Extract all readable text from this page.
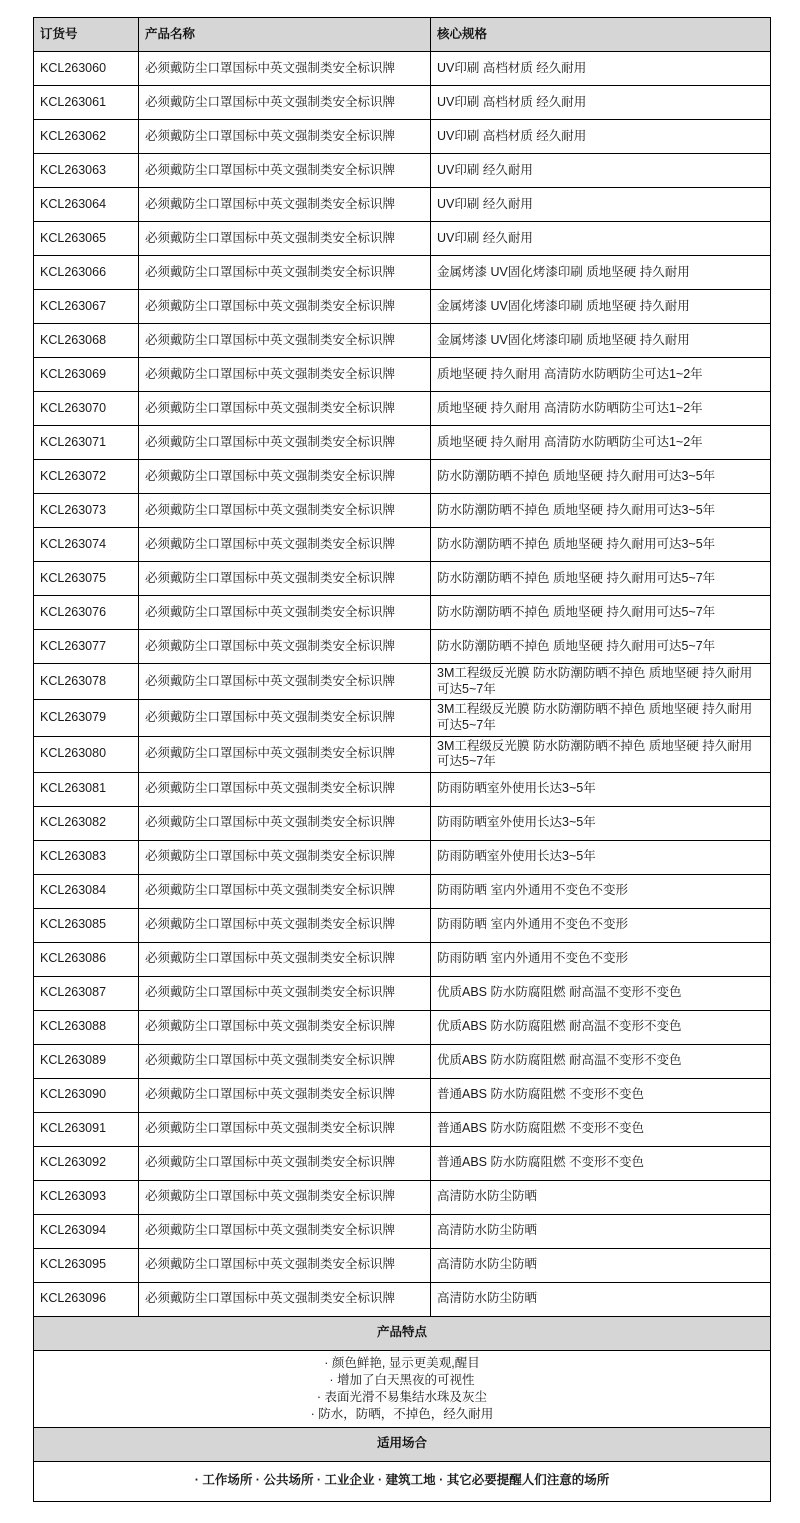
订货号	产品名称	核心规格
KCL263060	必须戴防尘口罩国标中英文强制类安全标识牌	UV印刷 高档材质 经久耐用
KCL263061	必须戴防尘口罩国标中英文强制类安全标识牌	UV印刷 高档材质 经久耐用
KCL263062	必须戴防尘口罩国标中英文强制类安全标识牌	UV印刷 高档材质 经久耐用
KCL263063	必须戴防尘口罩国标中英文强制类安全标识牌	UV印刷 经久耐用
KCL263064	必须戴防尘口罩国标中英文强制类安全标识牌	UV印刷 经久耐用
KCL263065	必须戴防尘口罩国标中英文强制类安全标识牌	UV印刷 经久耐用
KCL263066	必须戴防尘口罩国标中英文强制类安全标识牌	金属烤漆 UV固化烤漆印刷 质地坚硬 持久耐用
KCL263067	必须戴防尘口罩国标中英文强制类安全标识牌	金属烤漆 UV固化烤漆印刷 质地坚硬 持久耐用
KCL263068	必须戴防尘口罩国标中英文强制类安全标识牌	金属烤漆 UV固化烤漆印刷 质地坚硬 持久耐用
KCL263069	必须戴防尘口罩国标中英文强制类安全标识牌	质地坚硬 持久耐用 高清防水防晒防尘可达1~2年
KCL263070	必须戴防尘口罩国标中英文强制类安全标识牌	质地坚硬 持久耐用 高清防水防晒防尘可达1~2年
KCL263071	必须戴防尘口罩国标中英文强制类安全标识牌	质地坚硬 持久耐用 高清防水防晒防尘可达1~2年
KCL263072	必须戴防尘口罩国标中英文强制类安全标识牌	防水防潮防晒不掉色 质地坚硬 持久耐用可达3~5年
KCL263073	必须戴防尘口罩国标中英文强制类安全标识牌	防水防潮防晒不掉色 质地坚硬 持久耐用可达3~5年
KCL263074	必须戴防尘口罩国标中英文强制类安全标识牌	防水防潮防晒不掉色 质地坚硬 持久耐用可达3~5年
KCL263075	必须戴防尘口罩国标中英文强制类安全标识牌	防水防潮防晒不掉色 质地坚硬 持久耐用可达5~7年
KCL263076	必须戴防尘口罩国标中英文强制类安全标识牌	防水防潮防晒不掉色 质地坚硬 持久耐用可达5~7年
KCL263077	必须戴防尘口罩国标中英文强制类安全标识牌	防水防潮防晒不掉色 质地坚硬 持久耐用可达5~7年
KCL263078	必须戴防尘口罩国标中英文强制类安全标识牌	3M工程级反光膜 防水防潮防晒不掉色 质地坚硬 持久耐用可达5~7年
KCL263079	必须戴防尘口罩国标中英文强制类安全标识牌	3M工程级反光膜 防水防潮防晒不掉色 质地坚硬 持久耐用可达5~7年
KCL263080	必须戴防尘口罩国标中英文强制类安全标识牌	3M工程级反光膜 防水防潮防晒不掉色 质地坚硬 持久耐用可达5~7年
KCL263081	必须戴防尘口罩国标中英文强制类安全标识牌	防雨防晒室外使用长达3~5年
KCL263082	必须戴防尘口罩国标中英文强制类安全标识牌	防雨防晒室外使用长达3~5年
KCL263083	必须戴防尘口罩国标中英文强制类安全标识牌	防雨防晒室外使用长达3~5年
KCL263084	必须戴防尘口罩国标中英文强制类安全标识牌	防雨防晒 室内外通用不变色不变形
KCL263085	必须戴防尘口罩国标中英文强制类安全标识牌	防雨防晒 室内外通用不变色不变形
KCL263086	必须戴防尘口罩国标中英文强制类安全标识牌	防雨防晒 室内外通用不变色不变形
KCL263087	必须戴防尘口罩国标中英文强制类安全标识牌	优质ABS 防水防腐阻燃 耐高温不变形不变色
KCL263088	必须戴防尘口罩国标中英文强制类安全标识牌	优质ABS 防水防腐阻燃 耐高温不变形不变色
KCL263089	必须戴防尘口罩国标中英文强制类安全标识牌	优质ABS 防水防腐阻燃 耐高温不变形不变色
KCL263090	必须戴防尘口罩国标中英文强制类安全标识牌	普通ABS 防水防腐阻燃 不变形不变色
KCL263091	必须戴防尘口罩国标中英文强制类安全标识牌	普通ABS 防水防腐阻燃 不变形不变色
KCL263092	必须戴防尘口罩国标中英文强制类安全标识牌	普通ABS 防水防腐阻燃 不变形不变色
KCL263093	必须戴防尘口罩国标中英文强制类安全标识牌	高清防水防尘防晒
KCL263094	必须戴防尘口罩国标中英文强制类安全标识牌	高清防水防尘防晒
KCL263095	必须戴防尘口罩国标中英文强制类安全标识牌	高清防水防尘防晒
KCL263096	必须戴防尘口罩国标中英文强制类安全标识牌	高清防水防尘防晒
产品特点		

· 颜色鲜艳, 显示更美观,醒目
· 增加了白天黑夜的可视性
· 表面光滑不易集结水珠及灰尘
· 防水，防晒，不掉色，经久耐用		

适用场合		
· 工作场所 · 公共场所 · 工业企业 · 建筑工地 · 其它必要提醒人们注意的场所		
